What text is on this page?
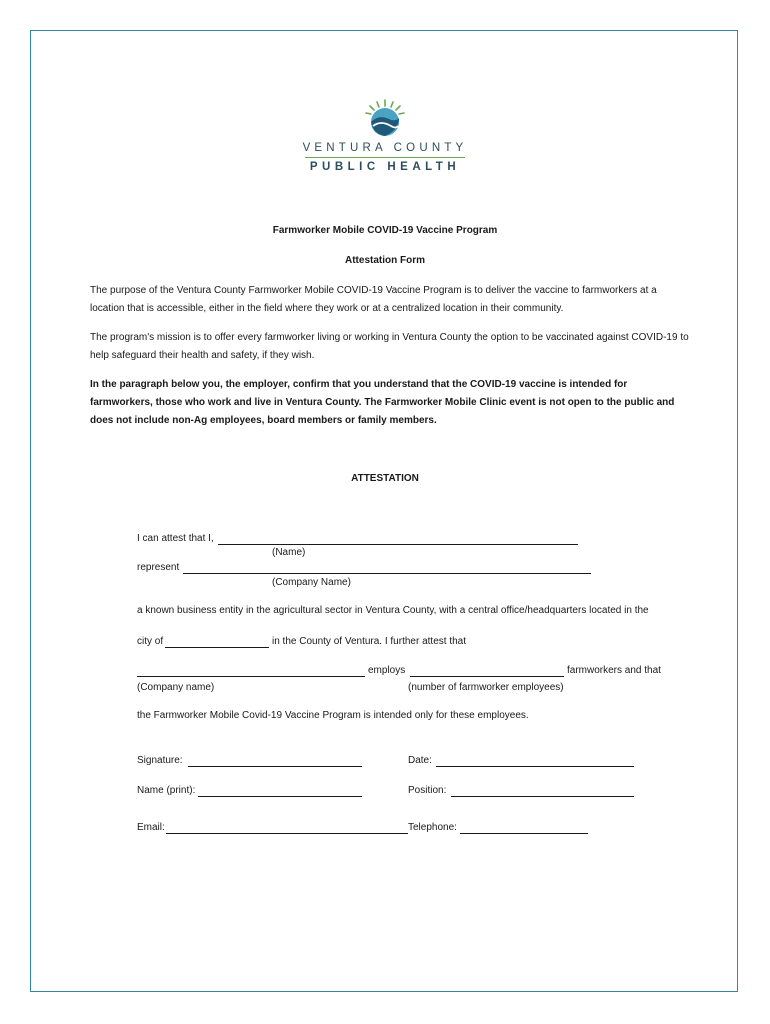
VENTURA COUNTY
PUBLIC HEALTH
Farmworker Mobile COVID-19 Vaccine Program
Attestation Form

The purpose of the Ventura County Farmworker Mobile COVID-19 Vaccine Program is to deliver the vaccine to farmworkers at a location that is accessible, either in the field where they work or at a centralized location in their community.

The program's mission is to offer every farmworker living or working in Ventura County the option to be vaccinated against COVID-19 to help safeguard their health and safety, if they wish.

In the paragraph below you, the employer, confirm that you understand that the COVID-19 vaccine is intended for farmworkers, those who work and live in Ventura County. The Farmworker Mobile Clinic event is not open to the public and does not include non-Ag employees, board members or family members.

ATTESTATION
I can attest that I,
(Name)
represent
(Company Name)
a known business entity in the agricultural sector in Ventura County, with a central office/headquarters located in the
city of	in the County of Ventura. I further attest that
employs	farmworkers and that
(Company name)	(number of farmworker employees)
the Farmworker Mobile Covid-19 Vaccine Program is intended only for these employees.
Signature:	Date:
Name (print):	Position:
Email:	Telephone:
